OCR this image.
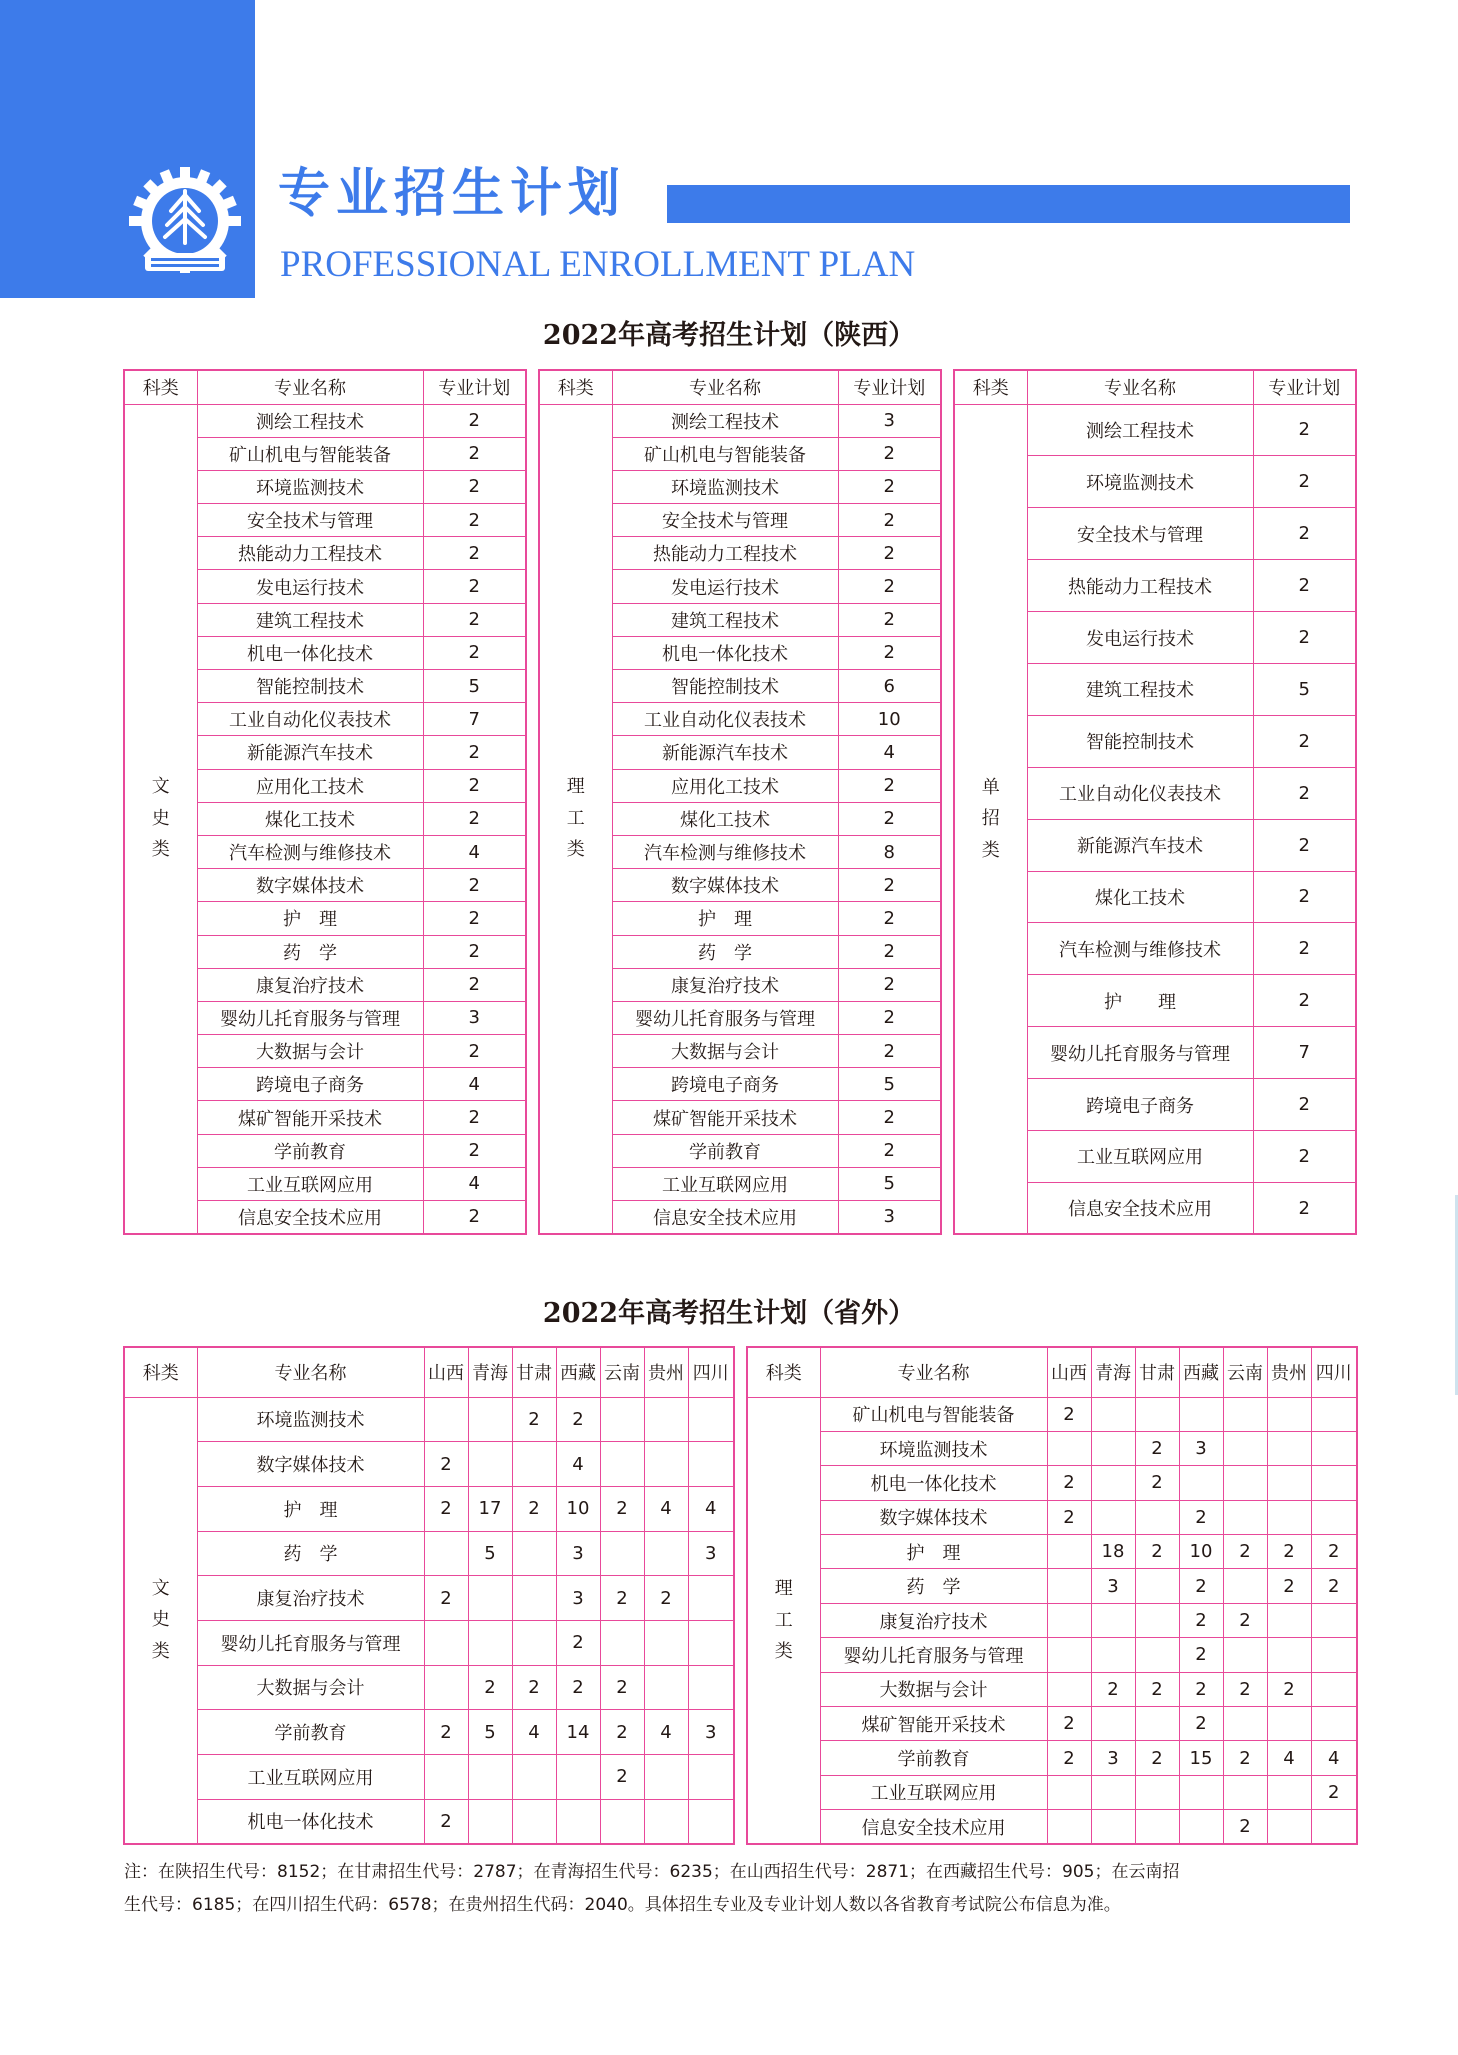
专业招生计划
PROFESSIONAL ENROLLMENT PLAN
2022年高考招生计划（陕西）
科类	专业名称	专业计划

文
史
类	测绘工程技术	2
	矿山机电与智能装备	2
	环境监测技术	2
	安全技术与管理	2
	热能动力工程技术	2
	发电运行技术	2
	建筑工程技术	2
	机电一体化技术	2
	智能控制技术	5
	工业自动化仪表技术	7
	新能源汽车技术	2
	应用化工技术	2
	煤化工技术	2
	汽车检测与维修技术	4
	数字媒体技术	2
	护　理	2
	药　学	2
	康复治疗技术	2
	婴幼儿托育服务与管理	3
	大数据与会计	2
	跨境电子商务	4
	煤矿智能开采技术	2
	学前教育	2
	工业互联网应用	4
	信息安全技术应用	2
科类	专业名称	专业计划

理
工
类	测绘工程技术	3
	矿山机电与智能装备	2
	环境监测技术	2
	安全技术与管理	2
	热能动力工程技术	2
	发电运行技术	2
	建筑工程技术	2
	机电一体化技术	2
	智能控制技术	6
	工业自动化仪表技术	10
	新能源汽车技术	4
	应用化工技术	2
	煤化工技术	2
	汽车检测与维修技术	8
	数字媒体技术	2
	护　理	2
	药　学	2
	康复治疗技术	2
	婴幼儿托育服务与管理	2
	大数据与会计	2
	跨境电子商务	5
	煤矿智能开采技术	2
	学前教育	2
	工业互联网应用	5
	信息安全技术应用	3
科类	专业名称	专业计划

单
招
类	测绘工程技术	2
	环境监测技术	2
	安全技术与管理	2
	热能动力工程技术	2
	发电运行技术	2
	建筑工程技术	5
	智能控制技术	2
	工业自动化仪表技术	2
	新能源汽车技术	2
	煤化工技术	2
	汽车检测与维修技术	2
	护　　理	2
	婴幼儿托育服务与管理	7
	跨境电子商务	2
	工业互联网应用	2
	信息安全技术应用	2
2022年高考招生计划（省外）
科类	专业名称	山西	青海	甘肃	西藏	云南	贵州	四川

文
史
类	环境监测技术			2	2			
	数字媒体技术	2			4			
	护　理	2	17	2	10	2	4	4
	药　学		5		3			3
	康复治疗技术	2			3	2	2	
	婴幼儿托育服务与管理				2			
	大数据与会计		2	2	2	2		
	学前教育	2	5	4	14	2	4	3
	工业互联网应用					2		
	机电一体化技术	2						
科类	专业名称	山西	青海	甘肃	西藏	云南	贵州	四川

理
工
类	矿山机电与智能装备	2						
	环境监测技术			2	3			
	机电一体化技术	2		2				
	数字媒体技术	2			2			
	护　理		18	2	10	2	2	2
	药　学		3		2		2	2
	康复治疗技术				2	2		
	婴幼儿托育服务与管理				2			
	大数据与会计		2	2	2	2	2	
	煤矿智能开采技术	2			2			
	学前教育	2	3	2	15	2	4	4
	工业互联网应用							2
	信息安全技术应用					2		
注：在陕招生代号：8152；在甘肃招生代号：2787；在青海招生代号：6235；在山西招生代号：2871；在西藏招生代号：905；在云南招
生代号：6185；在四川招生代码：6578；在贵州招生代码：2040。具体招生专业及专业计划人数以各省教育考试院公布信息为准。
